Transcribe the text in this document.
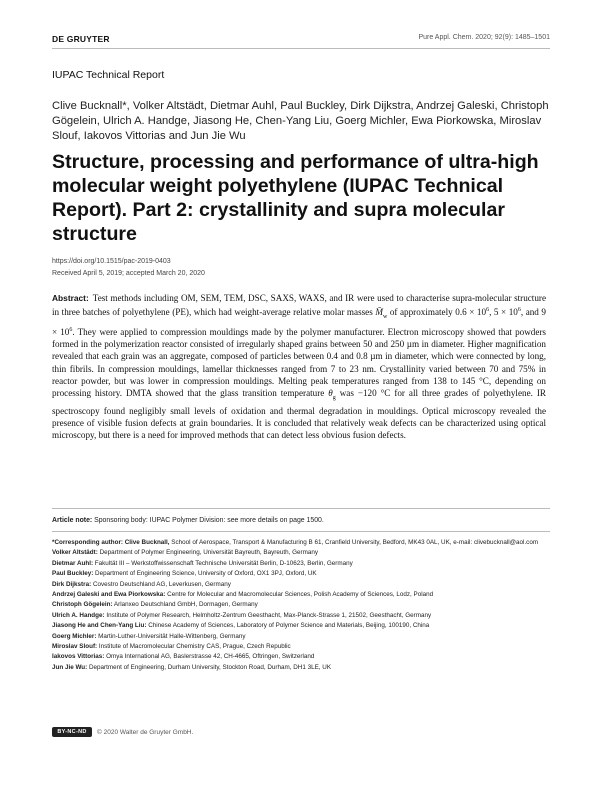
DE GRUYTER	Pure Appl. Chem. 2020; 92(9): 1485–1501
IUPAC Technical Report
Clive Bucknall*, Volker Altstädt, Dietmar Auhl, Paul Buckley, Dirk Dijkstra, Andrzej Galeski, Christoph Gögelein, Ulrich A. Handge, Jiasong He, Chen-Yang Liu, Goerg Michler, Ewa Piorkowska, Miroslav Slouf, Iakovos Vittorias and Jun Jie Wu
Structure, processing and performance of ultra-high molecular weight polyethylene (IUPAC Technical Report). Part 2: crystallinity and supra molecular structure
https://doi.org/10.1515/pac-2019-0403
Received April 5, 2019; accepted March 20, 2020
Abstract: Test methods including OM, SEM, TEM, DSC, SAXS, WAXS, and IR were used to characterise supra-molecular structure in three batches of polyethylene (PE), which had weight-average relative molar masses $M̄_w$ of approximately $0.6 \times 10^6$, $5 \times 10^6$, and $9 \times 10^6$. They were applied to compression mouldings made by the polymer manufacturer. Electron microscopy showed that powders formed in the polymerization reactor consisted of irregularly shaped grains between 50 and 250 µm in diameter. Higher magnification revealed that each grain was an aggregate, composed of particles between 0.4 and 0.8 µm in diameter, which were connected by long, thin fibrils. In compression mouldings, lamellar thicknesses ranged from 7 to 23 nm. Crystallinity varied between 70 and 75% in reactor powder, but was lower in compression mouldings. Melting peak temperatures ranged from 138 to 145 °C, depending on processing history. DMTA showed that the glass transition temperature $\theta_g$ was −120 °C for all three grades of polyethylene. IR spectroscopy found negligibly small levels of oxidation and thermal degradation in mouldings. Optical microscopy revealed the presence of visible fusion defects at grain boundaries. It is concluded that relatively weak defects can be characterized using optical microscopy, but there is a need for improved methods that can detect less obvious fusion defects.
Article note: Sponsoring body: IUPAC Polymer Division: see more details on page 1500.
*Corresponding author: Clive Bucknall, School of Aerospace, Transport & Manufacturing B 61, Cranfield University, Bedford, MK43 0AL, UK, e-mail: clivebucknall@aol.com
Volker Altstädt: Department of Polymer Engineering, Universität Bayreuth, Bayreuth, Germany
Dietmar Auhl: Fakultät III – Werkstoffwissenschaft Technische Universität Berlin, D-10623, Berlin, Germany
Paul Buckley: Department of Engineering Science, University of Oxford, OX1 3PJ, Oxford, UK
Dirk Dijkstra: Covestro Deutschland AG, Leverkusen, Germany
Andrzej Galeski and Ewa Piorkowska: Centre for Molecular and Macromolecular Sciences, Polish Academy of Sciences, Lodz, Poland
Christoph Gögelein: Arlanxeo Deutschland GmbH, Dormagen, Germany
Ulrich A. Handge: Institute of Polymer Research, Helmholtz-Zentrum Geesthacht, Max-Planck-Strasse 1, 21502, Geesthacht, Germany
Jiasong He and Chen-Yang Liu: Chinese Academy of Sciences, Laboratory of Polymer Science and Materials, Beijing, 100190, China
Goerg Michler: Martin-Luther-Universität Halle-Wittenberg, Germany
Miroslav Slouf: Institute of Macromolecular Chemistry CAS, Prague, Czech Republic
Iakovos Vittorias: Omya International AG, Baslerstrasse 42, CH-4665, Oftringen, Switzerland
Jun Jie Wu: Department of Engineering, Durham University, Stockton Road, Durham, DH1 3LE, UK
BY-NC-ND © 2020 Walter de Gruyter GmbH.
